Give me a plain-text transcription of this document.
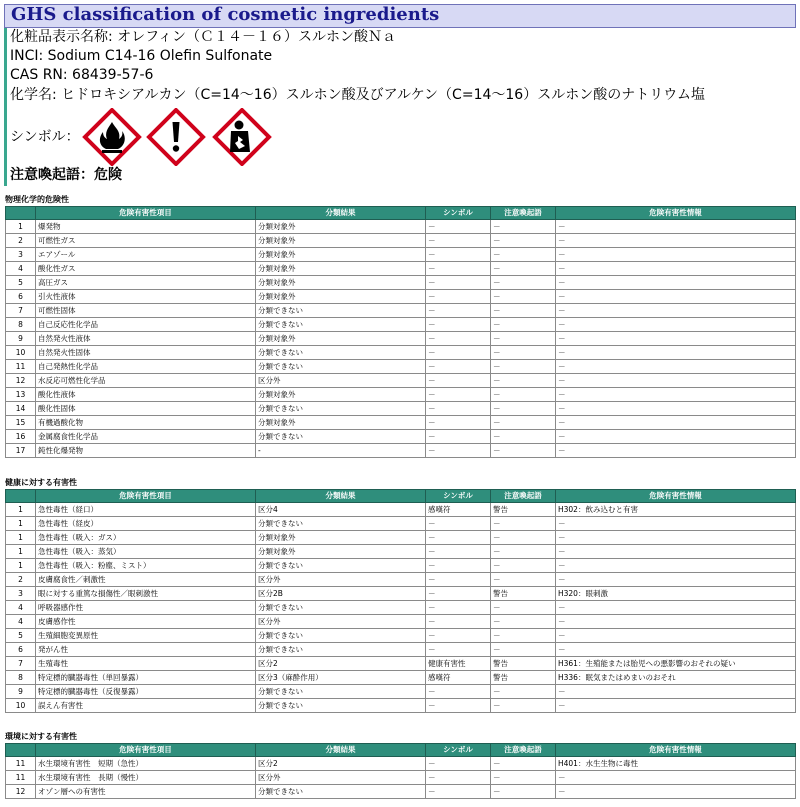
GHS classification of cosmetic ingredients
化粧品表示名称: オレフィン（Ｃ１４－１６）スルホン酸Ｎａ
INCI: Sodium C14-16 Olefin Sulfonate
CAS RN: 68439-57-6
化学名: ヒドロキシアルカン（C=14～16）スルホン酸及びアルケン（C=14～16）スルホン酸のナトリウム塩
シンボル：
注意喚起語：危険
物理化学的危険性
	危険有害性項目	分類結果	シンボル	注意喚起語	危険有害性情報
1	爆発物	分類対象外	－	－	－
2	可燃性ガス	分類対象外	－	－	－
3	エアゾール	分類対象外	－	－	－
4	酸化性ガス	分類対象外	－	－	－
5	高圧ガス	分類対象外	－	－	－
6	引火性液体	分類対象外	－	－	－
7	可燃性固体	分類できない	－	－	－
8	自己反応性化学品	分類できない	－	－	－
9	自然発火性液体	分類対象外	－	－	－
10	自然発火性固体	分類できない	－	－	－
11	自己発熱性化学品	分類できない	－	－	－
12	水反応可燃性化学品	区分外	－	－	－
13	酸化性液体	分類対象外	－	－	－
14	酸化性固体	分類できない	－	－	－
15	有機過酸化物	分類対象外	－	－	－
16	金属腐食性化学品	分類できない	－	－	－
17	鈍性化爆発物	-	－	－	－
健康に対する有害性
	危険有害性項目	分類結果	シンボル	注意喚起語	危険有害性情報
1	急性毒性（経口）	区分4	感嘆符	警告	H302：飲み込むと有害
1	急性毒性（経皮）	分類できない	－	－	－
1	急性毒性（吸入：ガス）	分類対象外	－	－	－
1	急性毒性（吸入：蒸気）	分類対象外	－	－	－
1	急性毒性（吸入：粉塵、ミスト）	分類できない	－	－	－
2	皮膚腐食性／刺激性	区分外	－	－	－
3	眼に対する重篤な損傷性／眼刺激性	区分2B	－	警告	H320：眼刺激
4	呼吸器感作性	分類できない	－	－	－
4	皮膚感作性	区分外	－	－	－
5	生殖細胞変異原性	分類できない	－	－	－
6	発がん性	分類できない	－	－	－
7	生殖毒性	区分2	健康有害性	警告	H361：生殖能または胎児への悪影響のおそれの疑い
8	特定標的臓器毒性（単回暴露）	区分3（麻酔作用）	感嘆符	警告	H336：眠気またはめまいのおそれ
9	特定標的臓器毒性（反復暴露）	分類できない	－	－	－
10	誤えん有害性	分類できない	－	－	－
環境に対する有害性
	危険有害性項目	分類結果	シンボル	注意喚起語	危険有害性情報
11	水生環境有害性　短期（急性）	区分2	－	－	H401：水生生物に毒性
11	水生環境有害性　長期（慢性）	区分外	－	－	－
12	オゾン層への有害性	分類できない	－	－	－
